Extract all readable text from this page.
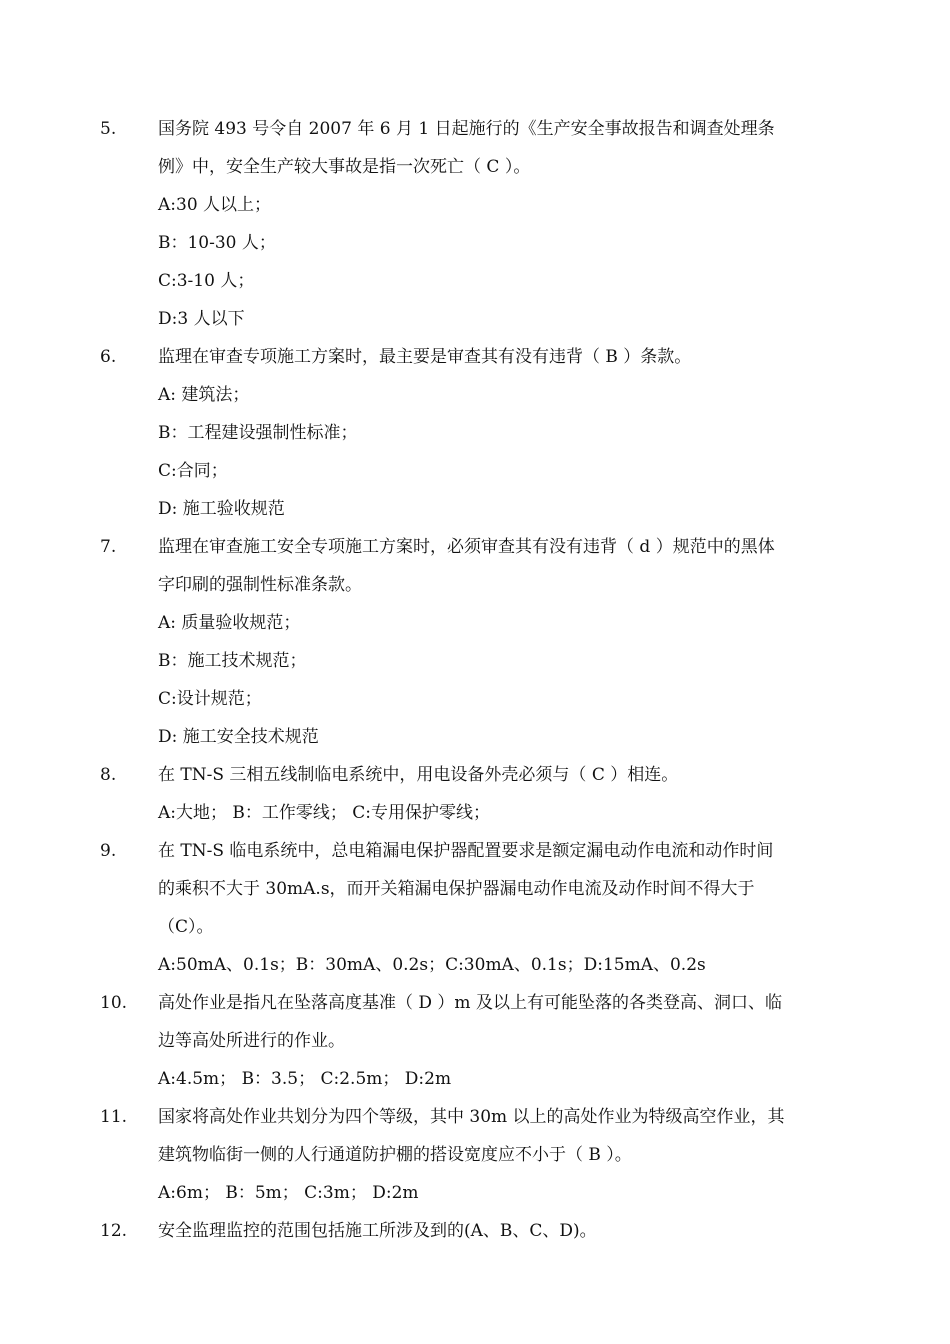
5. 国务院 493 号令自 2007 年 6 月 1 日起施行的《生产安全事故报告和调查处理条
例》中，安全生产较大事故是指一次死亡（ C ）。
A:30 人以上；
B：10-30 人；
C:3-10 人；
D:3 人以下
6. 监理在审查专项施工方案时，最主要是审查其有没有违背（ B ）条款。
A: 建筑法；
B：工程建设强制性标准；
C:合同；
D: 施工验收规范
7. 监理在审查施工安全专项施工方案时，必须审查其有没有违背（ d ）规范中的黑体
字印刷的强制性标准条款。
A: 质量验收规范；
B：施工技术规范；
C:设计规范；
D: 施工安全技术规范
8. 在 TN-S 三相五线制临电系统中，用电设备外壳必须与（ C ）相连。
A:大地； B：工作零线； C:专用保护零线；
9. 在 TN-S 临电系统中，总电箱漏电保护器配置要求是额定漏电动作电流和动作时间
的乘积不大于 30mA.s，而开关箱漏电保护器漏电动作电流及动作时间不得大于
（C）。
A:50mA、0.1s；B：30mA、0.2s；C:30mA、0.1s；D:15mA、0.2s
10. 高处作业是指凡在坠落高度基准（ D ）m 及以上有可能坠落的各类登高、洞口、临
边等高处所进行的作业。
A:4.5m； B：3.5； C:2.5m； D:2m
11. 国家将高处作业共划分为四个等级，其中 30m 以上的高处作业为特级高空作业，其
建筑物临街一侧的人行通道防护棚的搭设宽度应不小于（ B ）。
A:6m； B：5m； C:3m； D:2m
12. 安全监理监控的范围包括施工所涉及到的(A、B、C、D)。
